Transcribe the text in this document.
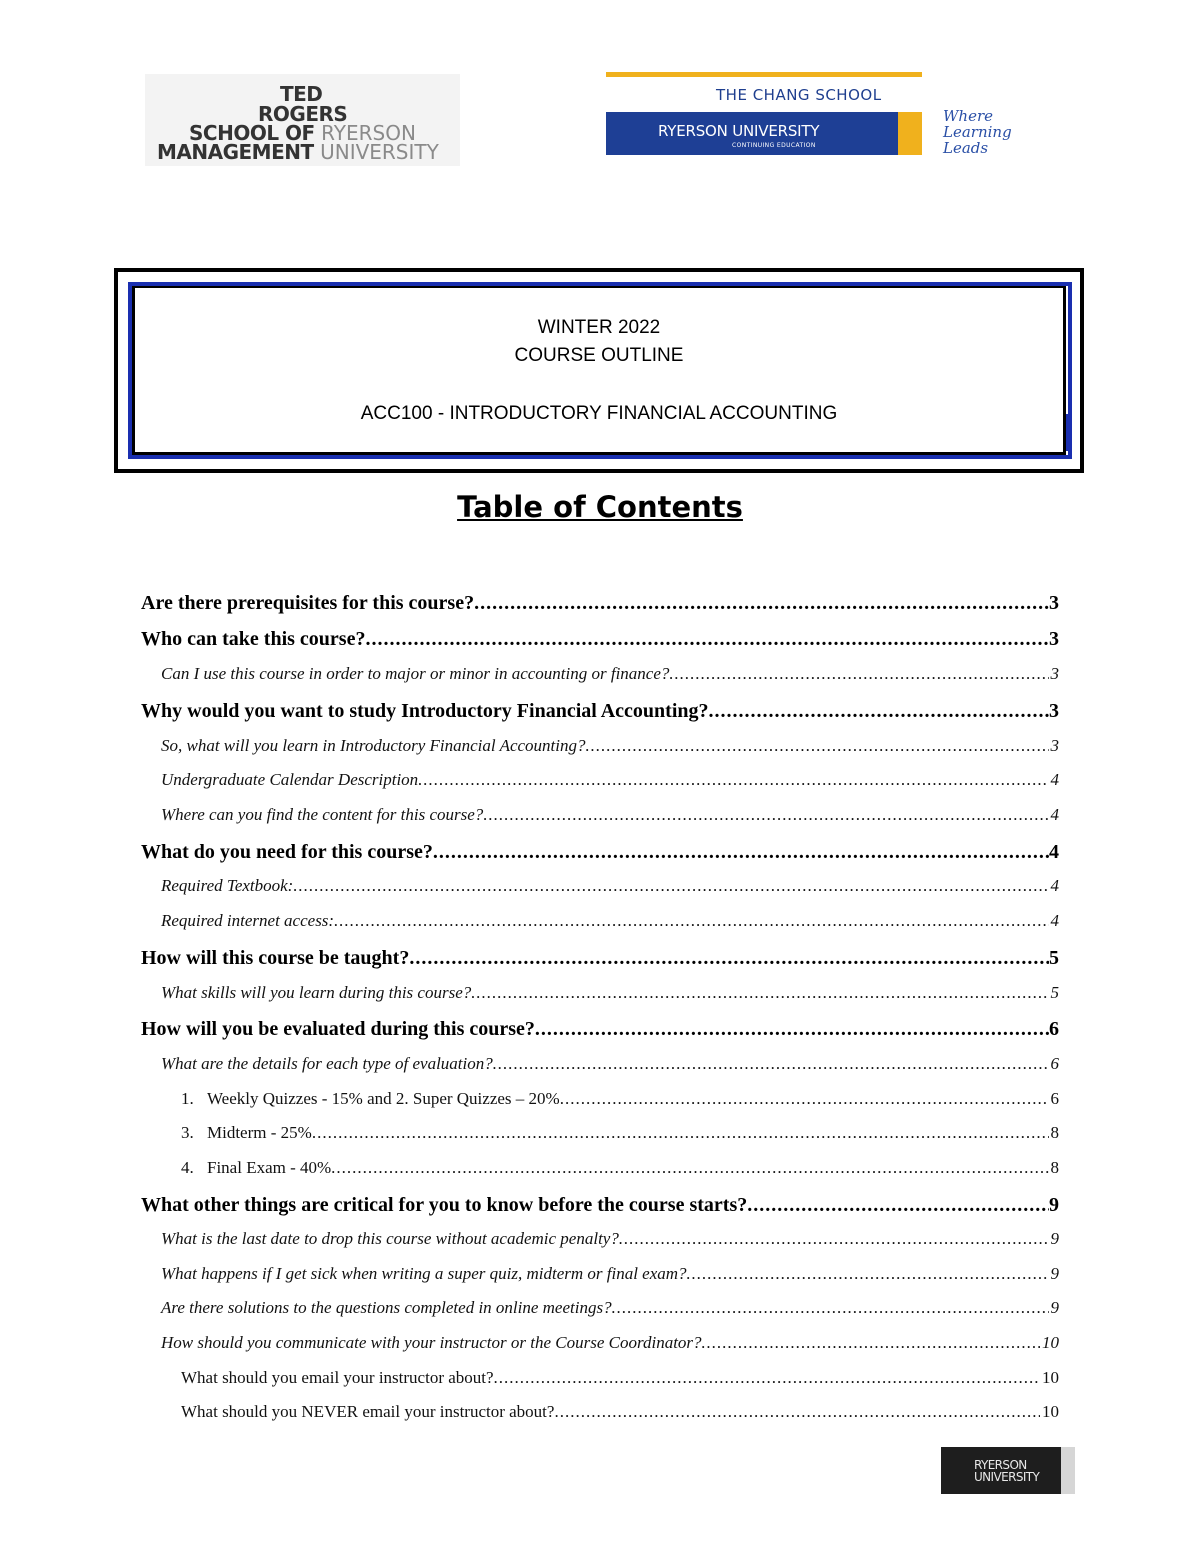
TED
ROGERS
SCHOOL OF RYERSON
MANAGEMENT UNIVERSITY
THE CHANG SCHOOL
RYERSON UNIVERSITY
CONTINUING EDUCATION
Where
Learning
Leads
WINTER 2022
COURSE OUTLINE
ACC100 - INTRODUCTORY FINANCIAL ACCOUNTING
Table of Contents
Are there prerequisites for this course? .....	3
Who can take this course? .....	3
Can I use this course in order to major or minor in accounting or finance? .....	3
Why would you want to study Introductory Financial Accounting? .....	3
So, what will you learn in Introductory Financial Accounting? .....	3
Undergraduate Calendar Description .....	4
Where can you find the content for this course? .....	4
What do you need for this course? .....	4
Required Textbook: .....	4
Required internet access: .....	4
How will this course be taught? .....	5
What skills will you learn during this course? .....	5
How will you be evaluated during this course? .....	6
What are the details for each type of evaluation? .....	6
1. Weekly Quizzes - 15% and 2. Super Quizzes – 20% .....	6
3. Midterm - 25% .....	8
4. Final Exam - 40% .....	8
What other things are critical for you to know before the course starts? .....	9
What is the last date to drop this course without academic penalty? .....	9
What happens if I get sick when writing a super quiz, midterm or final exam? .....	9
Are there solutions to the questions completed in online meetings? .....	9
How should you communicate with your instructor or the Course Coordinator? .....	10
What should you email your instructor about? .....	10
What should you NEVER email your instructor about? .....	10
RYERSON
UNIVERSITY
